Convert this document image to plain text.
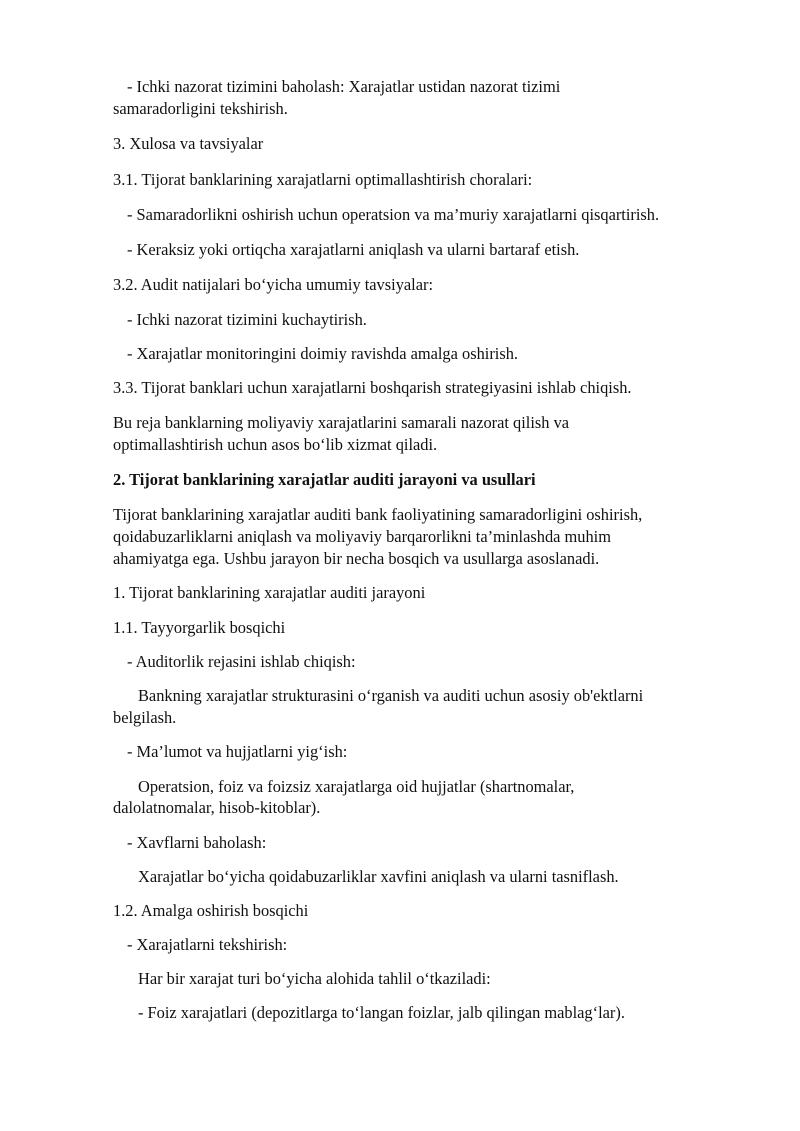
- Ichki nazorat tizimini baholash: Xarajatlar ustidan nazorat tizimi
samaradorligini tekshirish.
3. Xulosa va tavsiyalar
3.1. Tijorat banklarining xarajatlarni optimallashtirish choralari:
- Samaradorlikni oshirish uchun operatsion va ma’muriy xarajatlarni qisqartirish.
- Keraksiz yoki ortiqcha xarajatlarni aniqlash va ularni bartaraf etish.
3.2. Audit natijalari bo‘yicha umumiy tavsiyalar:
- Ichki nazorat tizimini kuchaytirish.
- Xarajatlar monitoringini doimiy ravishda amalga oshirish.
3.3. Tijorat banklari uchun xarajatlarni boshqarish strategiyasini ishlab chiqish.
Bu reja banklarning moliyaviy xarajatlarini samarali nazorat qilish va
optimallashtirish uchun asos bo‘lib xizmat qiladi.
2. Tijorat banklarining xarajatlar auditi jarayoni va usullari
Tijorat banklarining xarajatlar auditi bank faoliyatining samaradorligini oshirish,
qoidabuzarliklarni aniqlash va moliyaviy barqarorlikni ta’minlashda muhim
ahamiyatga ega. Ushbu jarayon bir necha bosqich va usullarga asoslanadi.
1. Tijorat banklarining xarajatlar auditi jarayoni
1.1. Tayyorgarlik bosqichi
- Auditorlik rejasini ishlab chiqish:
Bankning xarajatlar strukturasini o‘rganish va auditi uchun asosiy ob'ektlarni
belgilash.
- Ma’lumot va hujjatlarni yig‘ish:
Operatsion, foiz va foizsiz xarajatlarga oid hujjatlar (shartnomalar,
dalolatnomalar, hisob-kitoblar).
- Xavflarni baholash:
Xarajatlar bo‘yicha qoidabuzarliklar xavfini aniqlash va ularni tasniflash.
1.2. Amalga oshirish bosqichi
- Xarajatlarni tekshirish:
Har bir xarajat turi bo‘yicha alohida tahlil o‘tkaziladi:
- Foiz xarajatlari (depozitlarga to‘langan foizlar, jalb qilingan mablag‘lar).
